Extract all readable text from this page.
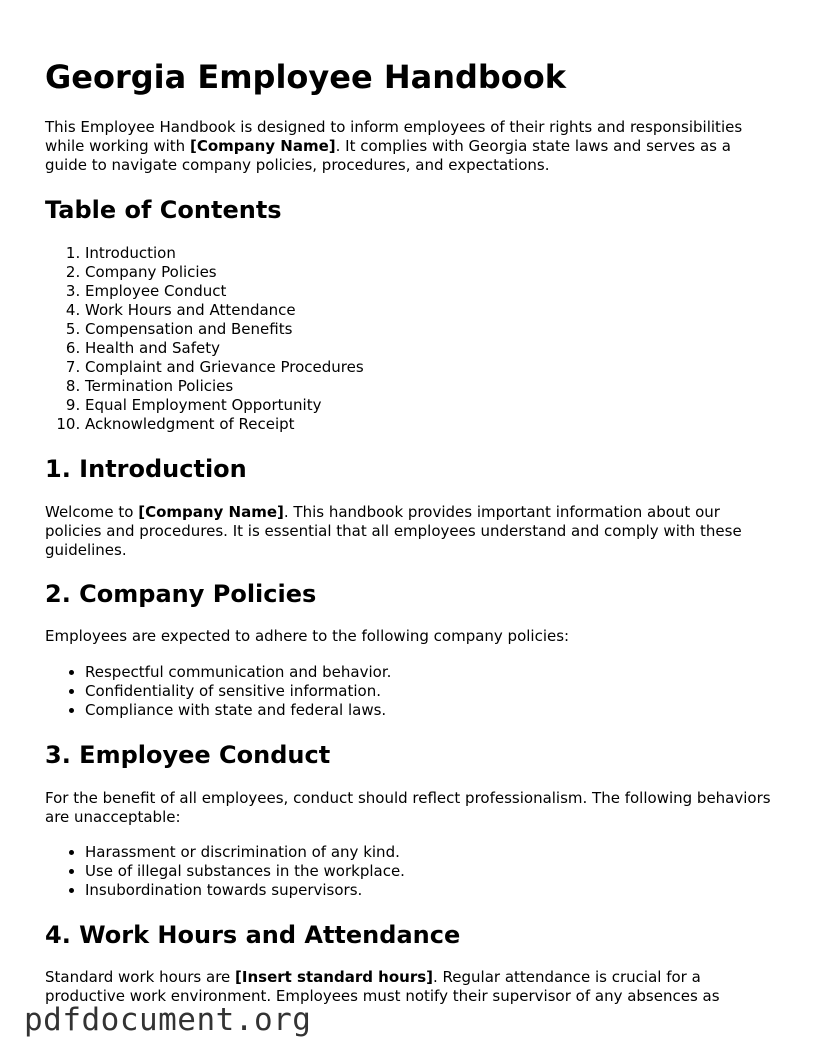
Georgia Employee Handbook

This Employee Handbook is designed to inform employees of their rights and responsibilities while working with [Company Name]. It complies with Georgia state laws and serves as a guide to navigate company policies, procedures, and expectations.

Table of Contents
1. Introduction
2. Company Policies
3. Employee Conduct
4. Work Hours and Attendance
5. Compensation and Benefits
6. Health and Safety
7. Complaint and Grievance Procedures
8. Termination Policies
9. Equal Employment Opportunity
10. Acknowledgment of Receipt
1. Introduction

Welcome to [Company Name]. This handbook provides important information about our policies and procedures. It is essential that all employees understand and comply with these guidelines.

2. Company Policies

Employees are expected to adhere to the following company policies:

• Respectful communication and behavior.
• Confidentiality of sensitive information.
• Compliance with state and federal laws.
3. Employee Conduct

For the benefit of all employees, conduct should reflect professionalism. The following behaviors are unacceptable:

• Harassment or discrimination of any kind.
• Use of illegal substances in the workplace.
• Insubordination towards supervisors.
4. Work Hours and Attendance

Standard work hours are [Insert standard hours]. Regular attendance is crucial for a productive work environment. Employees must notify their supervisor of any absences as

pdfdocument.org
